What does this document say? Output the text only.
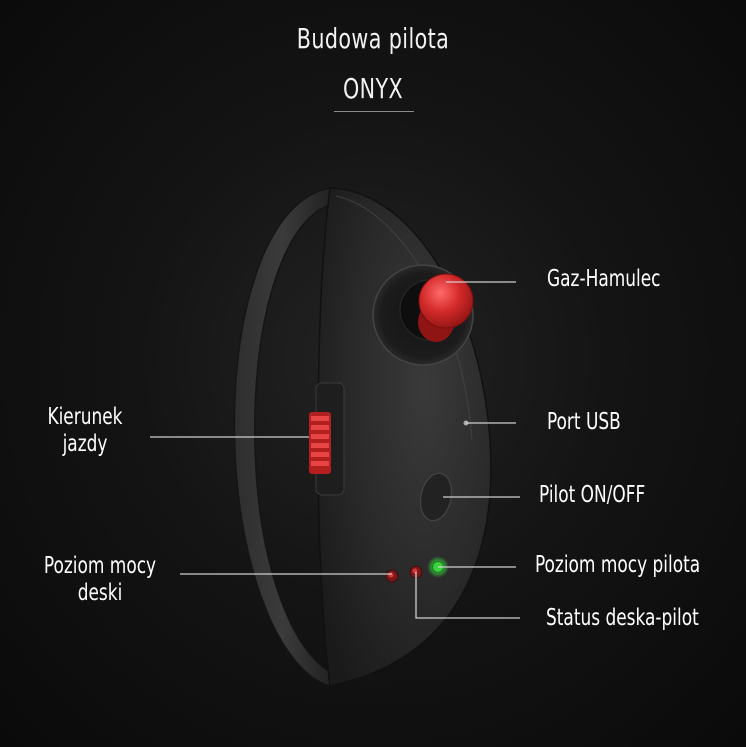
Budowa pilota
ONYX
Gaz-Hamulec
Port USB
Pilot ON/OFF
Poziom mocy pilota
Status deska-pilot
Kierunek
jazdy
Poziom mocy
deski
